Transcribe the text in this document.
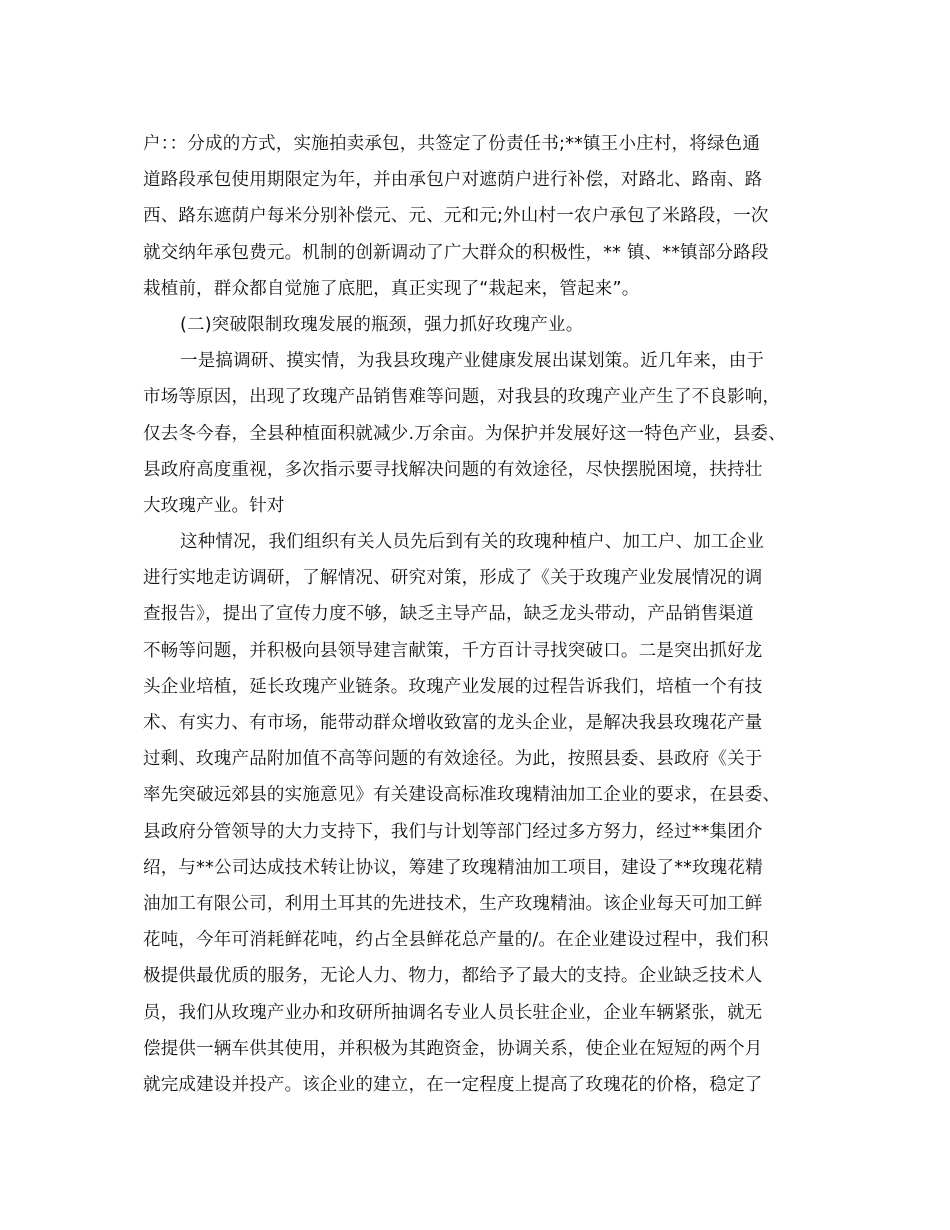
户：：分成的方式，实施拍卖承包，共签定了份责任书;**镇王小庄村，将绿色通
道路段承包使用期限定为年，并由承包户对遮荫户进行补偿，对路北、路南、路
西、路东遮荫户每米分别补偿元、元、元和元;外山村一农户承包了米路段，一次
就交纳年承包费元。机制的创新调动了广大群众的积极性，** 镇、**镇部分路段
栽植前，群众都自觉施了底肥，真正实现了“栽起来，管起来”。
(二)突破限制玫瑰发展的瓶颈，强力抓好玫瑰产业。
一是搞调研、摸实情，为我县玫瑰产业健康发展出谋划策。近几年来，由于
市场等原因，出现了玫瑰产品销售难等问题，对我县的玫瑰产业产生了不良影响，
仅去冬今春，全县种植面积就减少.万余亩。为保护并发展好这一特色产业，县委、
县政府高度重视，多次指示要寻找解决问题的有效途径，尽快摆脱困境，扶持壮
大玫瑰产业。针对
这种情况，我们组织有关人员先后到有关的玫瑰种植户、加工户、加工企业
进行实地走访调研，了解情况、研究对策，形成了《关于玫瑰产业发展情况的调
查报告》，提出了宣传力度不够，缺乏主导产品，缺乏龙头带动，产品销售渠道
不畅等问题，并积极向县领导建言献策，千方百计寻找突破口。二是突出抓好龙
头企业培植，延长玫瑰产业链条。玫瑰产业发展的过程告诉我们，培植一个有技
术、有实力、有市场，能带动群众增收致富的龙头企业，是解决我县玫瑰花产量
过剩、玫瑰产品附加值不高等问题的有效途径。为此，按照县委、县政府《关于
率先突破远郊县的实施意见》有关建设高标准玫瑰精油加工企业的要求，在县委、
县政府分管领导的大力支持下，我们与计划等部门经过多方努力，经过**集团介
绍，与**公司达成技术转让协议，筹建了玫瑰精油加工项目，建设了**玫瑰花精
油加工有限公司，利用土耳其的先进技术，生产玫瑰精油。该企业每天可加工鲜
花吨，今年可消耗鲜花吨，约占全县鲜花总产量的/。在企业建设过程中，我们积
极提供最优质的服务，无论人力、物力，都给予了最大的支持。企业缺乏技术人
员，我们从玫瑰产业办和玫研所抽调名专业人员长驻企业，企业车辆紧张，就无
偿提供一辆车供其使用，并积极为其跑资金，协调关系，使企业在短短的两个月
就完成建设并投产。该企业的建立，在一定程度上提高了玫瑰花的价格，稳定了
